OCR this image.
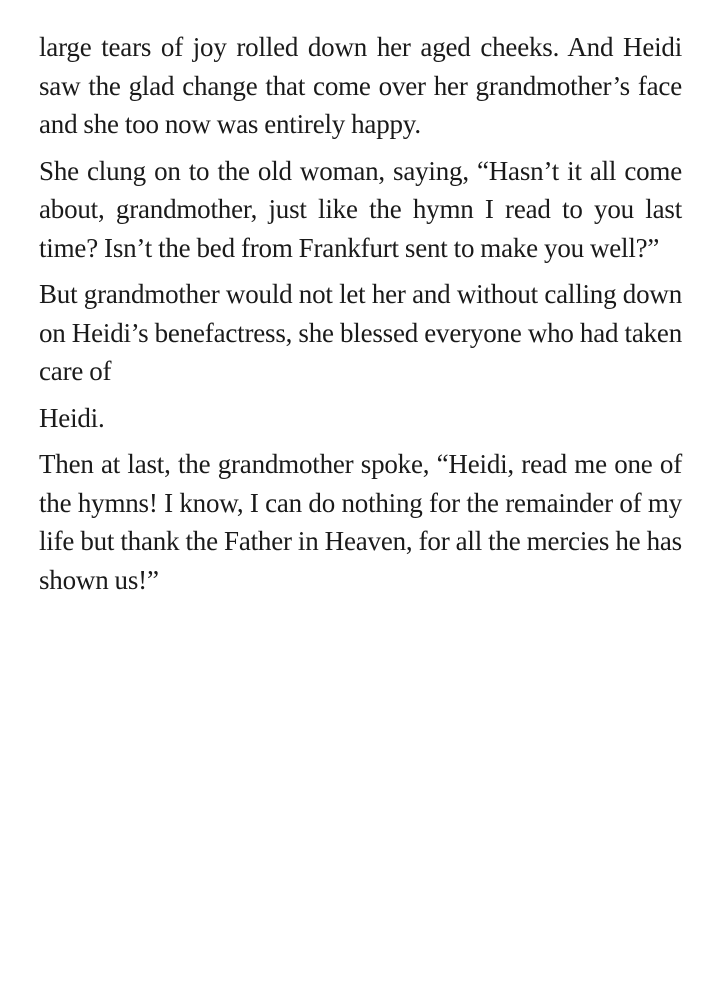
large tears of joy rolled down her aged cheeks. And Heidi saw the glad change that come over her grandmother’s face and she too now was entirely happy.

She clung on to the old woman, saying, “Hasn’t it all come about, grandmother, just like the hymn I read to you last time? Isn’t the bed from Frankfurt sent to make you well?”

But grandmother would not let her and without calling down on Heidi’s benefactress, she blessed everyone who had taken care of

Heidi.

Then at last, the grandmother spoke, “Heidi, read me one of the hymns! I know, I can do nothing for the remainder of my life but thank the Father in Heaven, for all the mercies he has shown us!”
